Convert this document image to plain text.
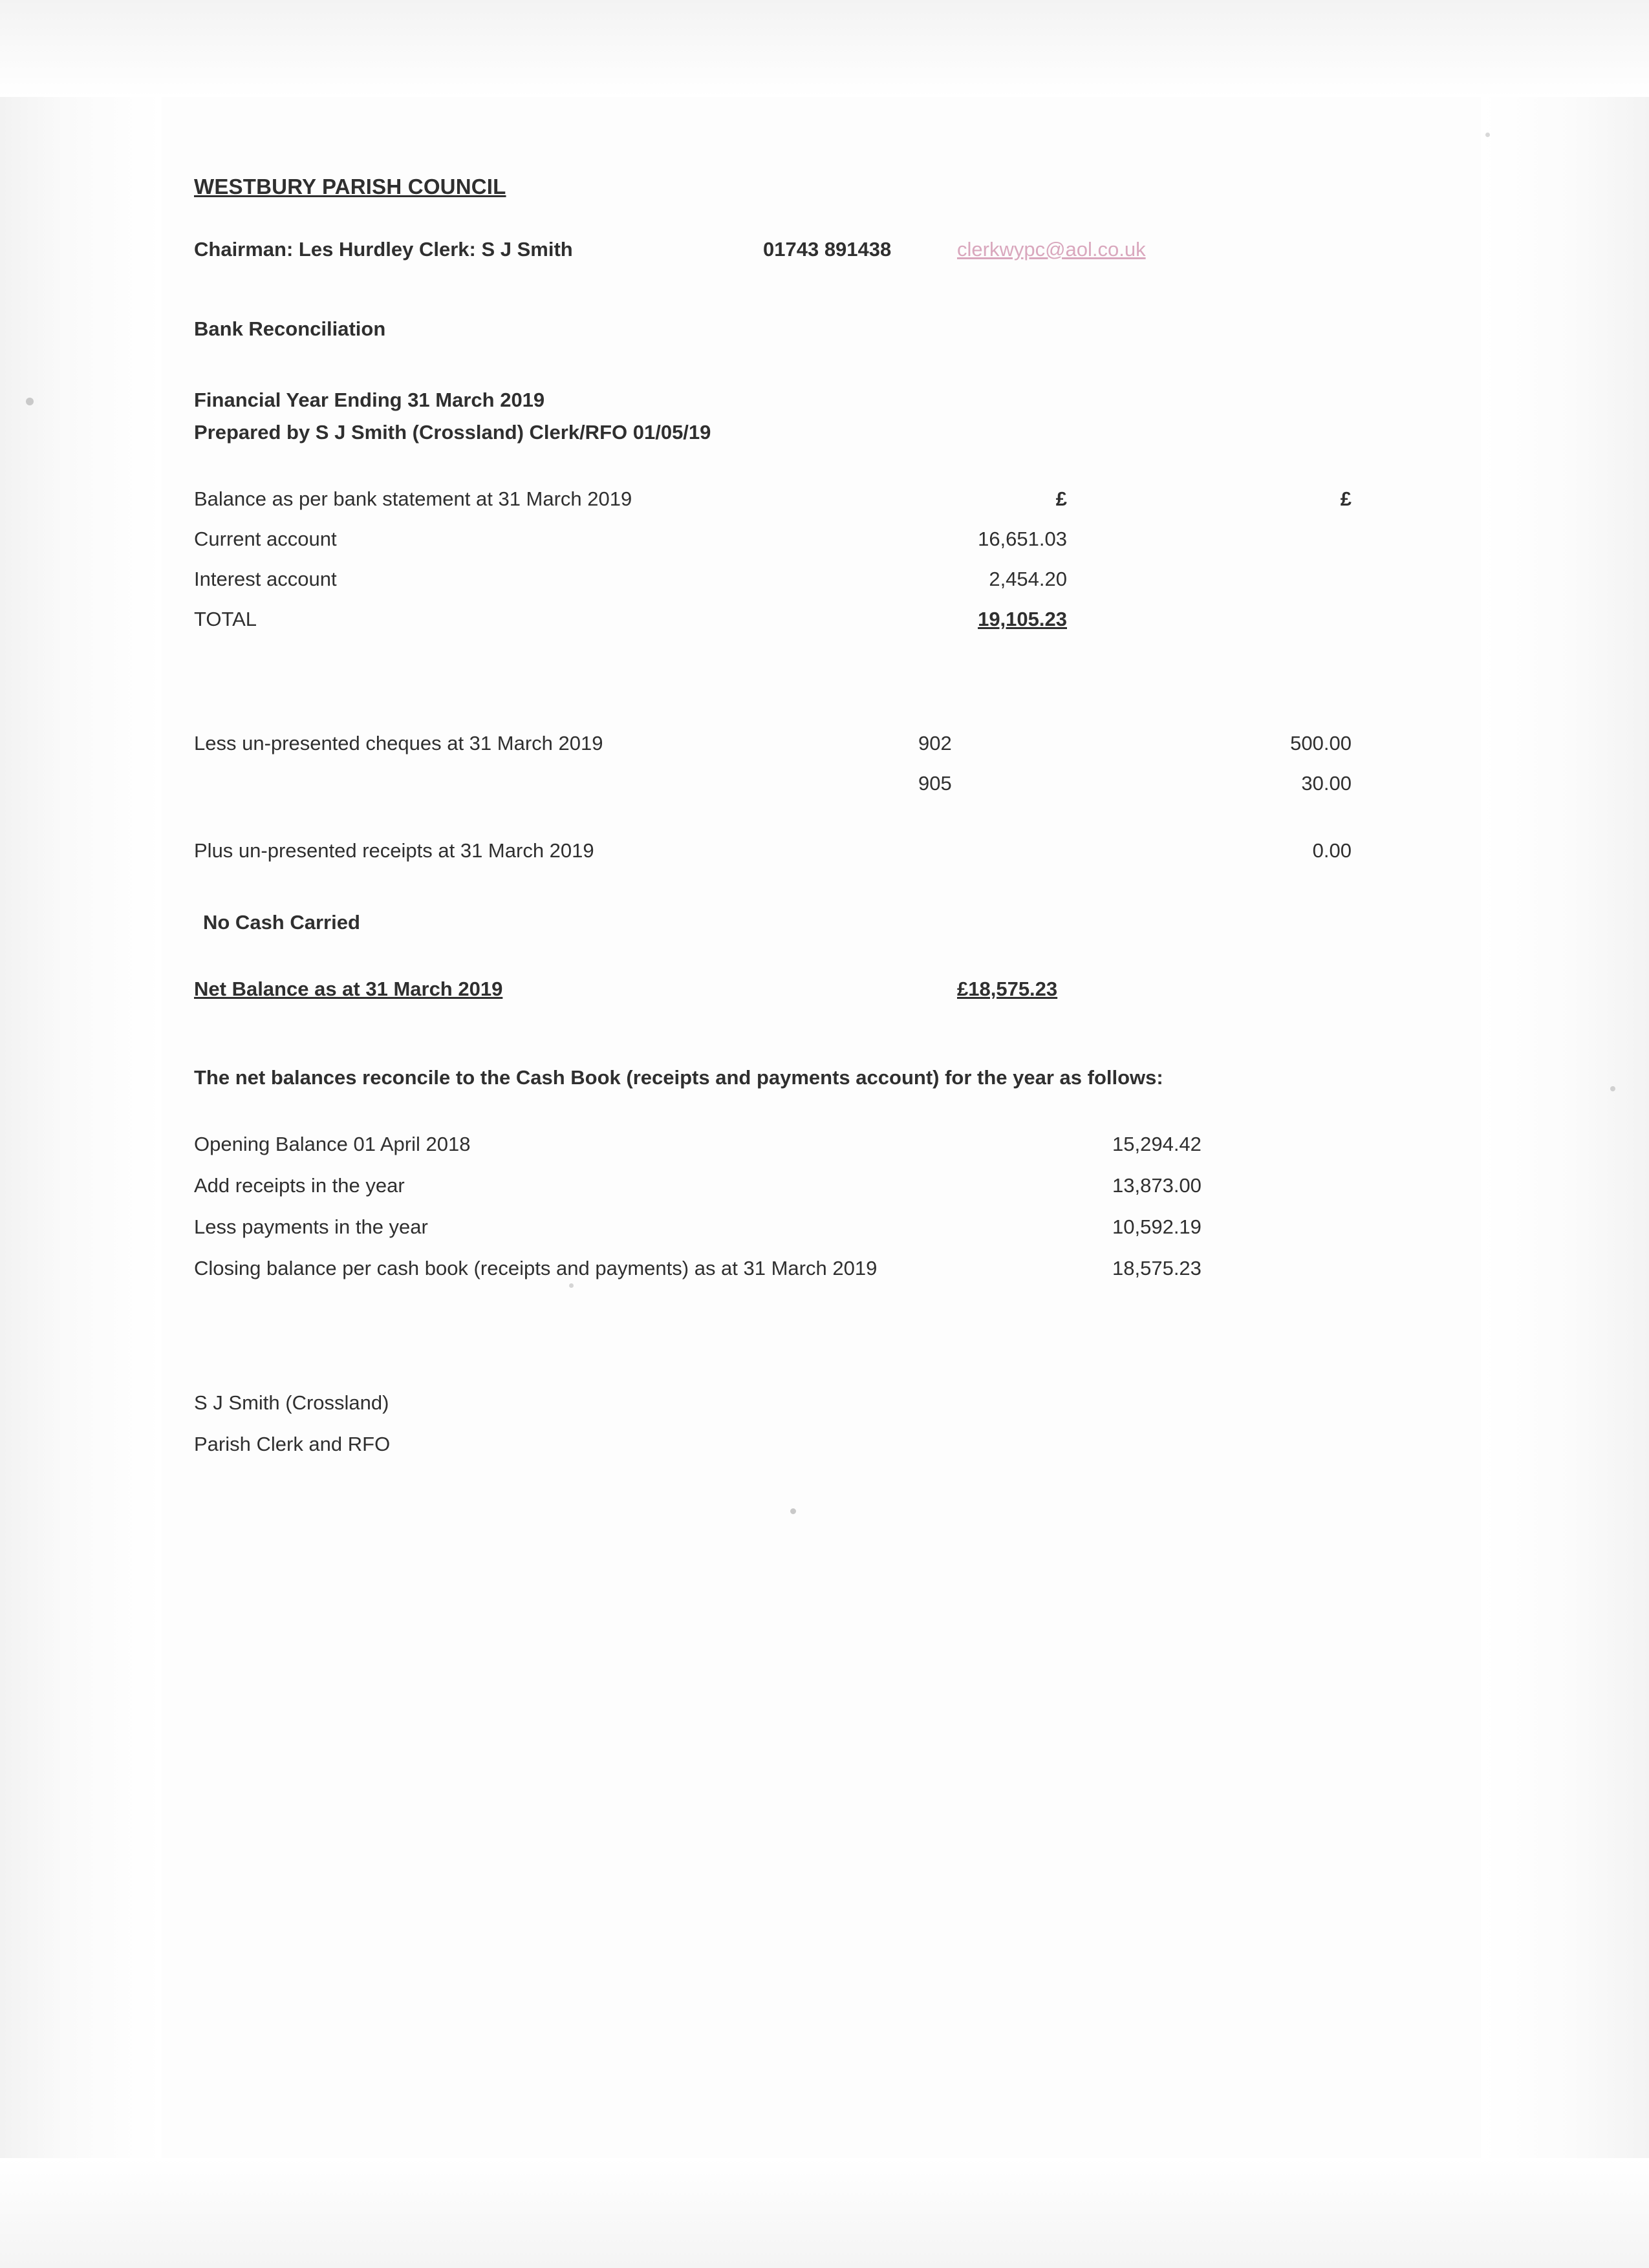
WESTBURY PARISH COUNCIL
Chairman: Les Hurdley Clerk: S J Smith	01743 891438	clerkwypc@aol.co.uk
Bank Reconciliation
Financial Year Ending 31 March 2019
Prepared by S J Smith (Crossland) Clerk/RFO 01/05/19
Balance as per bank statement at 31 March 2019	£	£
Current account	16,651.03
Interest account	2,454.20
TOTAL	19,105.23
Less un-presented cheques at 31 March 2019	902	500.00
905	30.00
Plus un-presented receipts at 31 March 2019	0.00
No Cash Carried
Net Balance as at 31 March 2019	£18,575.23
The net balances reconcile to the Cash Book (receipts and payments account) for the year as follows:
Opening Balance 01 April 2018	15,294.42
Add receipts in the year	13,873.00
Less payments in the year	10,592.19
Closing balance per cash book (receipts and payments) as at 31 March 2019	18,575.23
S J Smith (Crossland)
Parish Clerk and RFO
